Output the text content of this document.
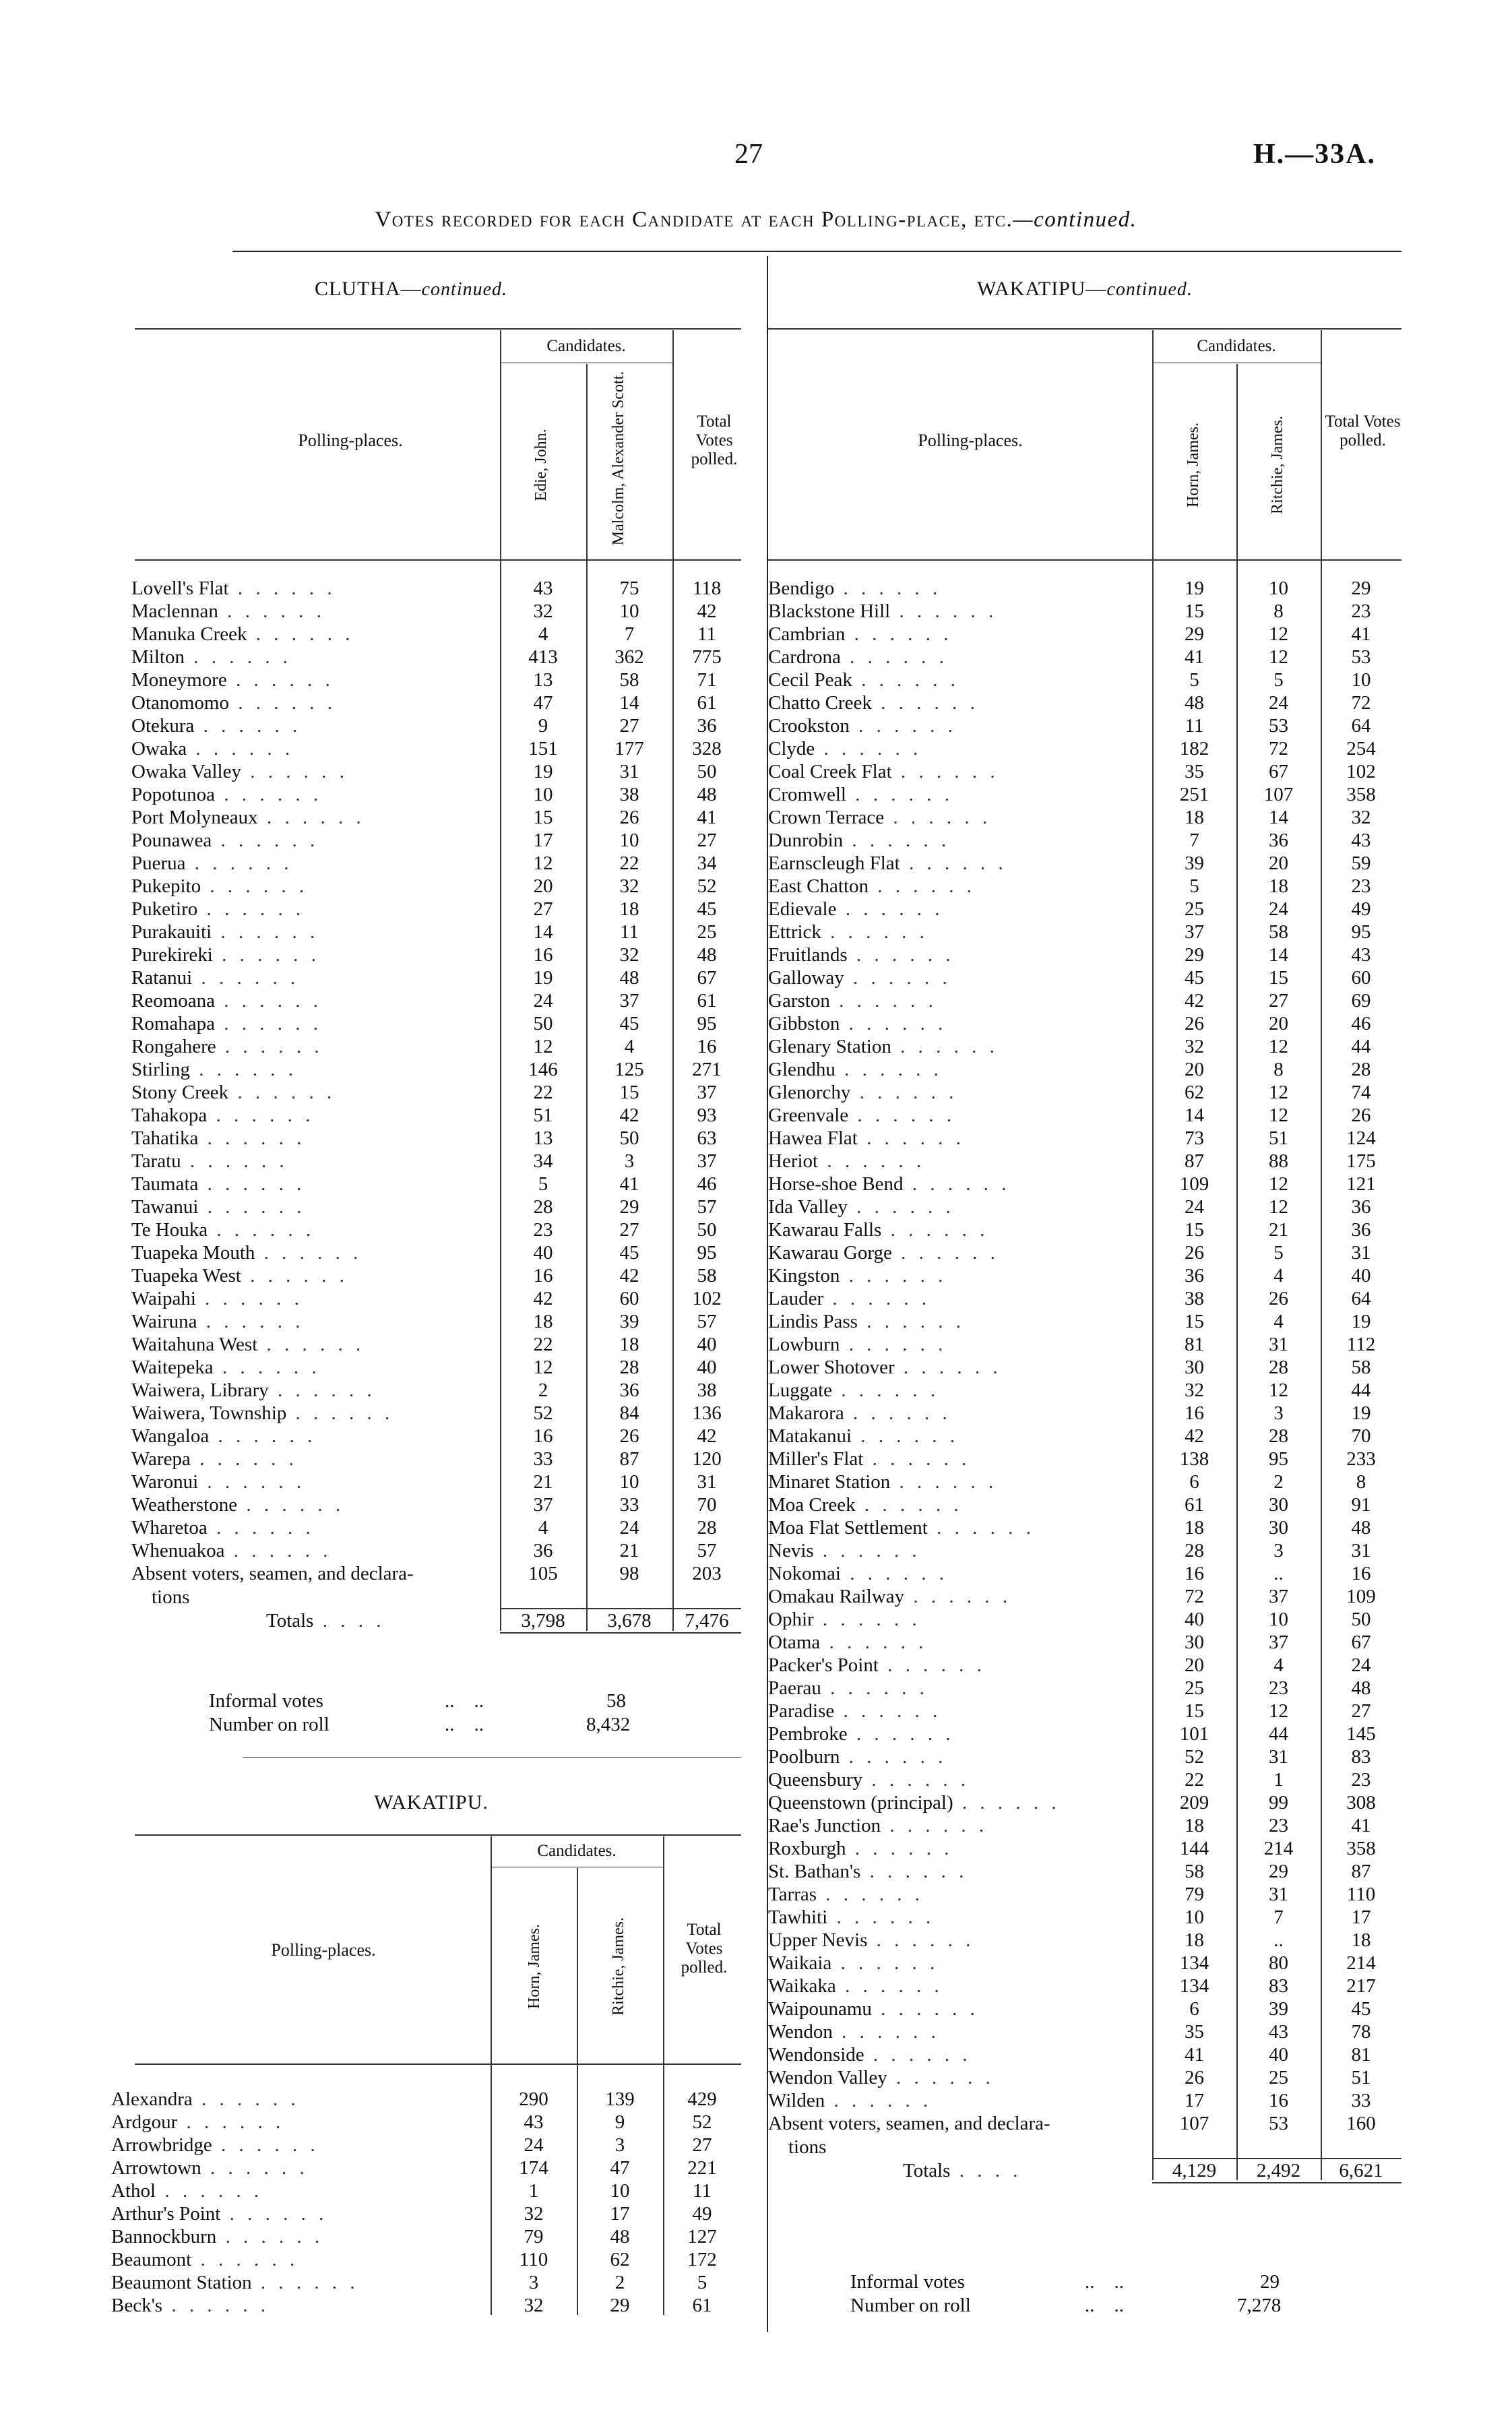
27	H.—33A.
Votes recorded for each Candidate at each Polling-place, etc.—continued.
CLUTHA—continued.
Candidates.
Polling-places.	Edie, John.	Malcolm, Alexander Scott.	Total Votes polled.
Lovell's Flat . . . . . .	43	75	118
Maclennan . . . . . .	32	10	42
Manuka Creek . . . . . .	4	7	11
Milton . . . . . .	413	362	775
Moneymore . . . . . .	13	58	71
Otanomomo . . . . . .	47	14	61
Otekura . . . . . .	9	27	36
Owaka . . . . . .	151	177	328
Owaka Valley . . . . . .	19	31	50
Popotunoa . . . . . .	10	38	48
Port Molyneaux . . . . . .	15	26	41
Pounawea . . . . . .	17	10	27
Puerua . . . . . .	12	22	34
Pukepito . . . . . .	20	32	52
Puketiro . . . . . .	27	18	45
Purakauiti . . . . . .	14	11	25
Purekireki . . . . . .	16	32	48
Ratanui . . . . . .	19	48	67
Reomoana . . . . . .	24	37	61
Romahapa . . . . . .	50	45	95
Rongahere . . . . . .	12	4	16
Stirling . . . . . .	146	125	271
Stony Creek . . . . . .	22	15	37
Tahakopa . . . . . .	51	42	93
Tahatika . . . . . .	13	50	63
Taratu . . . . . .	34	3	37
Taumata . . . . . .	5	41	46
Tawanui . . . . . .	28	29	57
Te Houka . . . . . .	23	27	50
Tuapeka Mouth . . . . . .	40	45	95
Tuapeka West . . . . . .	16	42	58
Waipahi . . . . . .	42	60	102
Wairuna . . . . . .	18	39	57
Waitahuna West . . . . . .	22	18	40
Waitepeka . . . . . .	12	28	40
Waiwera, Library . . . . . .	2	36	38
Waiwera, Township . . . . . .	52	84	136
Wangaloa . . . . . .	16	26	42
Warepa . . . . . .	33	87	120
Waronui . . . . . .	21	10	31
Weatherstone . . . . . .	37	33	70
Wharetoa . . . . . .	4	24	28
Whenuakoa . . . . . .	36	21	57
Absent voters, seamen, and declara-	105	98	203
tions			
Totals . . . .	3,798	3,678	7,476
WAKATIPU.
Candidates.
Polling-places.	Horn, James.	Ritchie, James.	Total Votes polled.
Alexandra . . . . . .	290	139	429
Ardgour . . . . . .	43	9	52
Arrowbridge . . . . . .	24	3	27
Arrowtown . . . . . .	174	47	221
Athol . . . . . .	1	10	11
Arthur's Point . . . . . .	32	17	49
Bannockburn . . . . . .	79	48	127
Beaumont . . . . . .	110	62	172
Beaumont Station . . . . . .	3	2	5
Beck's . . . . . .	32	29	61
WAKATIPU—continued.
Candidates.
Polling-places.	Horn, James.	Ritchie, James. Total Votes polled.
Bendigo . . . . . .	19	10	29
Blackstone Hill . . . . . .	15	8	23
Cambrian . . . . . .	29	12	41
Cardrona . . . . . .	41	12	53
Cecil Peak . . . . . .	5	5	10
Chatto Creek . . . . . .	48	24	72
Crookston . . . . . .	11	53	64
Clyde . . . . . .	182	72	254
Coal Creek Flat . . . . . .	35	67	102
Cromwell . . . . . .	251	107	358
Crown Terrace . . . . . .	18	14	32
Dunrobin . . . . . .	7	36	43
Earnscleugh Flat . . . . . .	39	20	59
East Chatton . . . . . .	5	18	23
Edievale . . . . . .	25	24	49
Ettrick . . . . . .	37	58	95
Fruitlands . . . . . .	29	14	43
Galloway . . . . . .	45	15	60
Garston . . . . . .	42	27	69
Gibbston . . . . . .	26	20	46
Glenary Station . . . . . .	32	12	44
Glendhu . . . . . .	20	8	28
Glenorchy . . . . . .	62	12	74
Greenvale . . . . . .	14	12	26
Hawea Flat . . . . . .	73	51	124
Heriot . . . . . .	87	88	175
Horse-shoe Bend . . . . . .	109	12	121
Ida Valley . . . . . .	24	12	36
Kawarau Falls . . . . . .	15	21	36
Kawarau Gorge . . . . . .	26	5	31
Kingston . . . . . .	36	4	40
Lauder . . . . . .	38	26	64
Lindis Pass . . . . . .	15	4	19
Lowburn . . . . . .	81	31	112
Lower Shotover . . . . . .	30	28	58
Luggate . . . . . .	32	12	44
Makarora . . . . . .	16	3	19
Matakanui . . . . . .	42	28	70
Miller's Flat . . . . . .	138	95	233
Minaret Station . . . . . .	6	2	8
Moa Creek . . . . . .	61	30	91
Moa Flat Settlement . . . . . .	18	30	48
Nevis . . . . . .	28	3	31
Nokomai . . . . . .	16	..	16
Omakau Railway . . . . . .	72	37	109
Ophir . . . . . .	40	10	50
Otama . . . . . .	30	37	67
Packer's Point . . . . . .	20	4	24
Paerau . . . . . .	25	23	48
Paradise . . . . . .	15	12	27
Pembroke . . . . . .	101	44	145
Poolburn . . . . . .	52	31	83
Queensbury . . . . . .	22	1	23
Queenstown (principal) . . . . . .	209	99	308
Rae's Junction . . . . . .	18	23	41
Roxburgh . . . . . .	144	214	358
St. Bathan's . . . . . .	58	29	87
Tarras . . . . . .	79	31	110
Tawhiti . . . . . .	10	7	17
Upper Nevis . . . . . .	18	..	18
Waikaia . . . . . .	134	80	214
Waikaka . . . . . .	134	83	217
Waipounamu . . . . . .	6	39	45
Wendon . . . . . .	35	43	78
Wendonside . . . . . .	41	40	81
Wendon Valley . . . . . .	26	25	51
Wilden . . . . . .	17	16	33
Absent voters, seamen, and declara-	107	53	160
tions			
Totals . . . .	4,129	2,492	6,621
Informal votes	..    ..	58
Number on roll	..    ..	8,432
Informal votes	..    ..	29
Number on roll	..    ..	7,278
